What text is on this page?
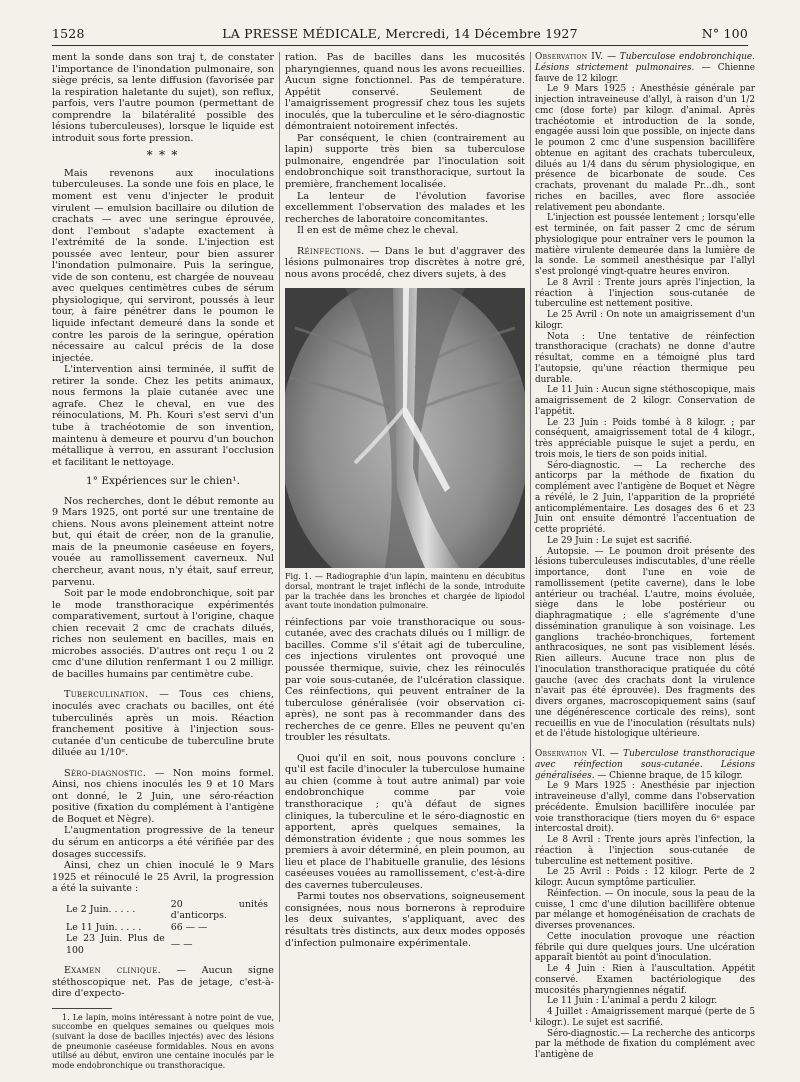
1528	LA PRESSE MÉDICALE, Mercredi, 14 Décembre 1927	N° 100

ment la sonde dans son traj t, de constater l'importance de l'inondation pulmonaire, son siège précis, sa lente diffusion (favorisée par la respiration haletante du sujet), son reflux, parfois, vers l'autre poumon (permettant de comprendre la bilatéralité possible des lésions tuberculeuses), lorsque le liquide est introduit sous forte pression.

* * *

Mais revenons aux inoculations tuberculeuses. La sonde une fois en place, le moment est venu d'injecter le produit virulent — emulsion bacillaire ou dilution de crachats — avec une seringue éprouvée, dont l'embout s'adapte exactement à l'extrémité de la sonde. L'injection est poussée avec lenteur, pour bien assurer l'inondation pulmonaire. Puis la seringue, vide de son contenu, est chargée de nouveau avec quelques centimètres cubes de sérum physiologique, qui serviront, poussés à leur tour, à faire pénétrer dans le poumon le liquide infectant demeuré dans la sonde et contre les parois de la seringue, opération nécessaire au calcul précis de la dose injectée.

L'intervention ainsi terminée, il suffit de retirer la sonde. Chez les petits animaux, nous fermons la plaie cutanée avec une agrafe. Chez le cheval, en vue des réinoculations, M. Ph. Kouri s'est servi d'un tube à trachéotomie de son invention, maintenu à demeure et pourvu d'un bouchon métallique à verrou, en assurant l'occlusion et facilitant le nettoyage.

1° Expériences sur le chien¹.

Nos recherches, dont le début remonte au 9 Mars 1925, ont porté sur une trentaine de chiens. Nous avons pleinement atteint notre but, qui était de créer, non de la granulie, mais de la pneumonie caséeuse en foyers, vouée au ramollissement caverneux. Nul chercheur, avant nous, n'y était, sauf erreur, parvenu.

Soit par le mode endobronchique, soit par le mode transthoracique expérimentés comparativement, surtout à l'origine, chaque chien recevait 2 cmc de crachats dilués, riches non seulement en bacilles, mais en microbes associés. D'autres ont reçu 1 ou 2 cmc d'une dilution renfermant 1 ou 2 milligr. de bacilles humains par centimètre cube.

Tuberculination. — Tous ces chiens, inoculés avec crachats ou bacilles, ont été tuberculinés après un mois. Réaction franchement positive à l'injection sous-cutanée d'un centicube de tuberculine brute diluée au 1/10ᵉ.

Séro-diagnostic. — Non moins formel. Ainsi, nos chiens inoculés les 9 et 10 Mars ont donné, le 2 Juin, une séro-réaction positive (fixation du complément à l'antigène de Boquet et Nègre).

L'augmentation progressive de la teneur du sérum en anticorps a été vérifiée par des dosages successifs.

Ainsi, chez un chien inoculé le 9 Mars 1925 et réinoculé le 25 Avril, la progression a été la suivante :

Le 2 Juin. . . . .	20 unités d'anticorps.
Le 11 Juin. . . . .	66 — —
Le 23 Juin. Plus de 100	— —

Examen clinique. — Aucun signe stéthoscopique net. Pas de jetage, c'est-à-dire d'expecto-

1. Le lapin, moins intéressant à notre point de vue, succombe en quelques semaines ou quelques mois (suivant la dose de bacilles injectés) avec des lésions de pneumonie caséeuse formidables. Nous en avons utilisé au début, environ une centaine inoculés par le mode endobronchique ou transthoracique.

ration. Pas de bacilles dans les mucosités pharyngiennes, quand nous les avons recueillies. Aucun signe fonctionnel. Pas de température. Appétit conservé. Seulement de l'amaigrissement progressif chez tous les sujets inoculés, que la tuberculine et le séro-diagnostic démontraient notoirement infectés.

Par conséquent, le chien (contrairement au lapin) supporte très bien sa tuberculose pulmonaire, engendrée par l'inoculation soit endobronchique soit transthoracique, surtout la première, franchement localisée.

La lenteur de l'évolution favorise excellemment l'observation des malades et les recherches de laboratoire concomitantes.

Il en est de même chez le cheval.

Réinfections. — Dans le but d'aggraver des lésions pulmonaires trop discrètes à notre gré, nous avons procédé, chez divers sujets, à des

Fig. 1. — Radiographie d'un lapin, maintenu en décubitus dorsal, montrant le trajet infléchi de la sonde, introduite par la trachée dans les bronches et chargée de lipiodol avant toute inondation pulmonaire.

réinfections par voie transthoracique ou sous-cutanée, avec des crachats dilués ou 1 milligr. de bacilles. Comme s'il s'était agi de tuberculine, ces injections virulentes ont provoqué une poussée thermique, suivie, chez les réinoculés par voie sous-cutanée, de l'ulcération classique. Ces réinfections, qui peuvent entraîner de la tuberculose généralisée (voir observation ci-après), ne sont pas à recommander dans des recherches de ce genre. Elles ne peuvent qu'en troubler les résultats.

Quoi qu'il en soit, nous pouvons conclure : qu'il est facile d'inoculer la tuberculose humaine au chien (comme à tout autre animal) par voie endobronchique comme par voie transthoracique ; qu'à défaut de signes cliniques, la tuberculine et le séro-diagnostic en apportent, après quelques semaines, la démonstration évidente ; que nous sommes les premiers à avoir déterminé, en plein poumon, au lieu et place de l'habituelle granulie, des lésions caséeuses vouées au ramollissement, c'est-à-dire des cavernes tuberculeuses.

Parmi toutes nos observations, soigneusement consignées, nous nous bornerons à reproduire les deux suivantes, s'appliquant, avec des résultats très distincts, aux deux modes opposés d'infection pulmonaire expérimentale.

Observation IV. — Tuberculose endobronchique. Lésions strictement pulmonaires. — Chienne fauve de 12 kilogr.

Le 9 Mars 1925 : Anesthésie générale par injection intraveineuse d'allyl, à raison d'un 1/2 cmc (dose forte) par kilogr. d'animal. Après trachéotomie et introduction de la sonde, engagée aussi loin que possible, on injecte dans le poumon 2 cmc d'une suspension bacillifère obtenue en agitant des crachats tuberculeux, dilués au 1/4 dans du sérum physiologique, en présence de bicarbonate de soude. Ces crachats, provenant du malade Pr...dh., sont riches en bacilles, avec flore associée relativement peu abondante.

L'injection est poussée lentement ; lorsqu'elle est terminée, on fait passer 2 cmc de sérum physiologique pour entraîner vers le poumon la matière virulente demeurée dans la lumière de la sonde. Le sommeil anesthésique par l'allyl s'est prolongé vingt-quatre heures environ.

Le 8 Avril : Trente jours après l'injection, la réaction à l'injection sous-cutanée de tuberculine est nettement positive.

Le 25 Avril : On note un amaigrissement d'un kilogr.

Nota : Une tentative de réinfection transthoracique (crachats) ne donne d'autre résultat, comme en a témoigné plus tard l'autopsie, qu'une réaction thermique peu durable.

Le 11 Juin : Aucun signe stéthoscopique, mais amaigrissement de 2 kilogr. Conservation de l'appétit.

Le 23 Juin : Poids tombé à 8 kilogr. ; par conséquent, amaigrissement total de 4 kilogr., très appréciable puisque le sujet a perdu, en trois mois, le tiers de son poids initial.

Séro-diagnostic. — La recherche des anticorps par la méthode de fixation du complément avec l'antigène de Boquet et Nègre a révélé, le 2 Juin, l'apparition de la propriété anticomplémentaire. Les dosages des 6 et 23 Juin ont ensuite démontré l'accentuation de cette propriété.

Le 29 Juin : Le sujet est sacrifié.

Autopsie. — Le poumon droit présente des lésions tuberculeuses indiscutables, d'une réelle importance, dont l'une en voie de ramollissement (petite caverne), dans le lobe antérieur ou trachéal. L'autre, moins évoluée, siège dans le lobe postérieur ou diaphragmatique ; elle s'agrémente d'une dissémination granulique à son voisinage. Les ganglions trachéo-bronchiques, fortement anthracosiques, ne sont pas visiblement lésés. Rien ailleurs. Aucune trace non plus de l'inoculation transthoracique pratiquée du côté gauche (avec des crachats dont la virulence n'avait pas été éprouvée). Des fragments des divers organes, macroscopiquement sains (sauf une dégénérescence corticale des reins), sont recueillis en vue de l'inoculation (résultats nuls) et de l'étude histologique ultérieure.

Observation VI. — Tuberculose transthoracique avec réinfection sous-cutanée. Lésions généralisées. — Chienne braque, de 15 kilogr.

Le 9 Mars 1925 : Anesthésie par injection intraveineuse d'allyl, comme dans l'observation précédente. Émulsion bacillifère inoculée par voie transthoracique (tiers moyen du 6ᵉ espace intercostal droit).

Le 8 Avril : Trente jours après l'infection, la réaction à l'injection sous-cutanée de tuberculine est nettement positive.

Le 25 Avril : Poids : 12 kilogr. Perte de 2 kilogr. Aucun symptôme particulier.

Réinfection. — On inocule, sous la peau de la cuisse, 1 cmc d'une dilution bacillifère obtenue par mélange et homogénéisation de crachats de diverses provenances.

Cette inoculation provoque une réaction fébrile qui dure quelques jours. Une ulcération apparaît bientôt au point d'inoculation.

Le 4 Juin : Rien à l'auscultation. Appétit conservé. Examen bactériologique des mucosités pharyngiennes négatif.

Le 11 Juin : L'animal a perdu 2 kilogr.

4 Juillet : Amaigrissement marqué (perte de 5 kilogr.). Le sujet est sacrifié.

Séro-diagnostic.— La recherche des anticorps par la méthode de fixation du complément avec l'antigène de
